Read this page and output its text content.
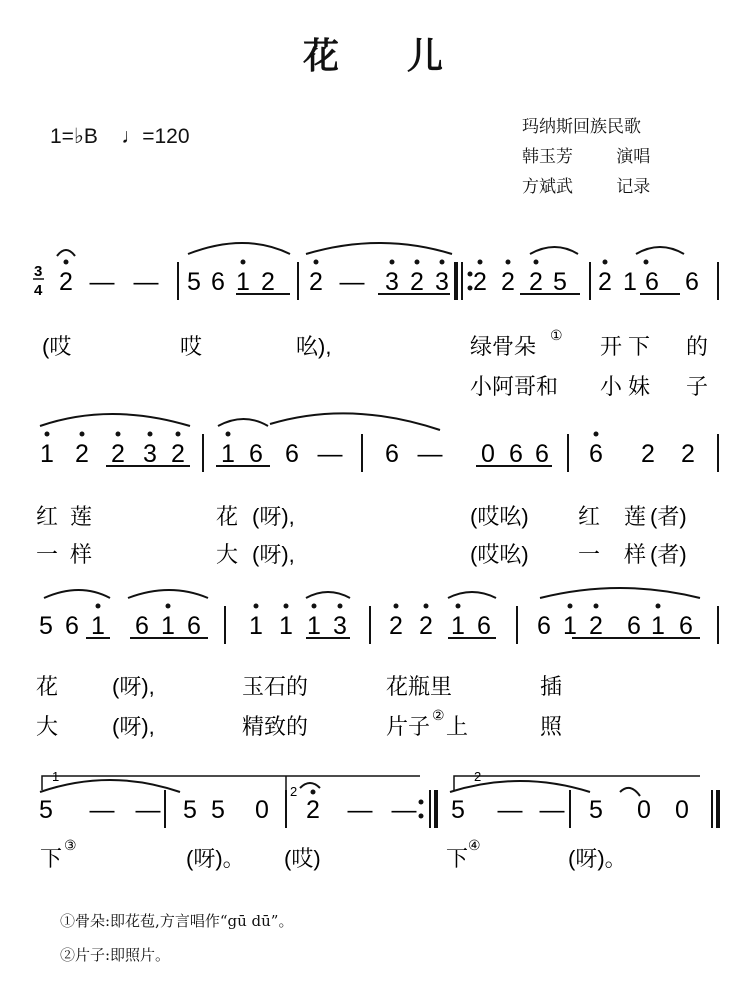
花 儿
1=♭B ♩=120	玛纳斯回族民歌
韩玉芳	演唱
方斌武	记录
3
4 2 — — 5 6 1 2 2 — 3 2 3 2 2 2 5 2 1 6 6
1 2 2 3 2 1 6 6 — 6 — 0 6 6 6 2 2
5 6 1 6 1 6 1 1 1 3 2 2 1 6 6 1 2 6 1 6
5 — — 5 5 0 2 — — 5 — — 5 0 0
(哎	哎	吆),	绿骨朵 ① 开 下 的
小阿哥和 小 妹 子
红 莲	花 (呀),	(哎吆) 红 莲 (者)
一 样	大 (呀),	(哎吆) 一 样 (者)
花 (呀),	玉石的	花瓶里	插
大 (呀),	精致的	片子 ② 上	照
下
③
(呀)。 (哎)	下
④
(呀)。
1	2
2
①骨朵:即花苞,方言唱作“gū dū”。
②片子:即照片。
